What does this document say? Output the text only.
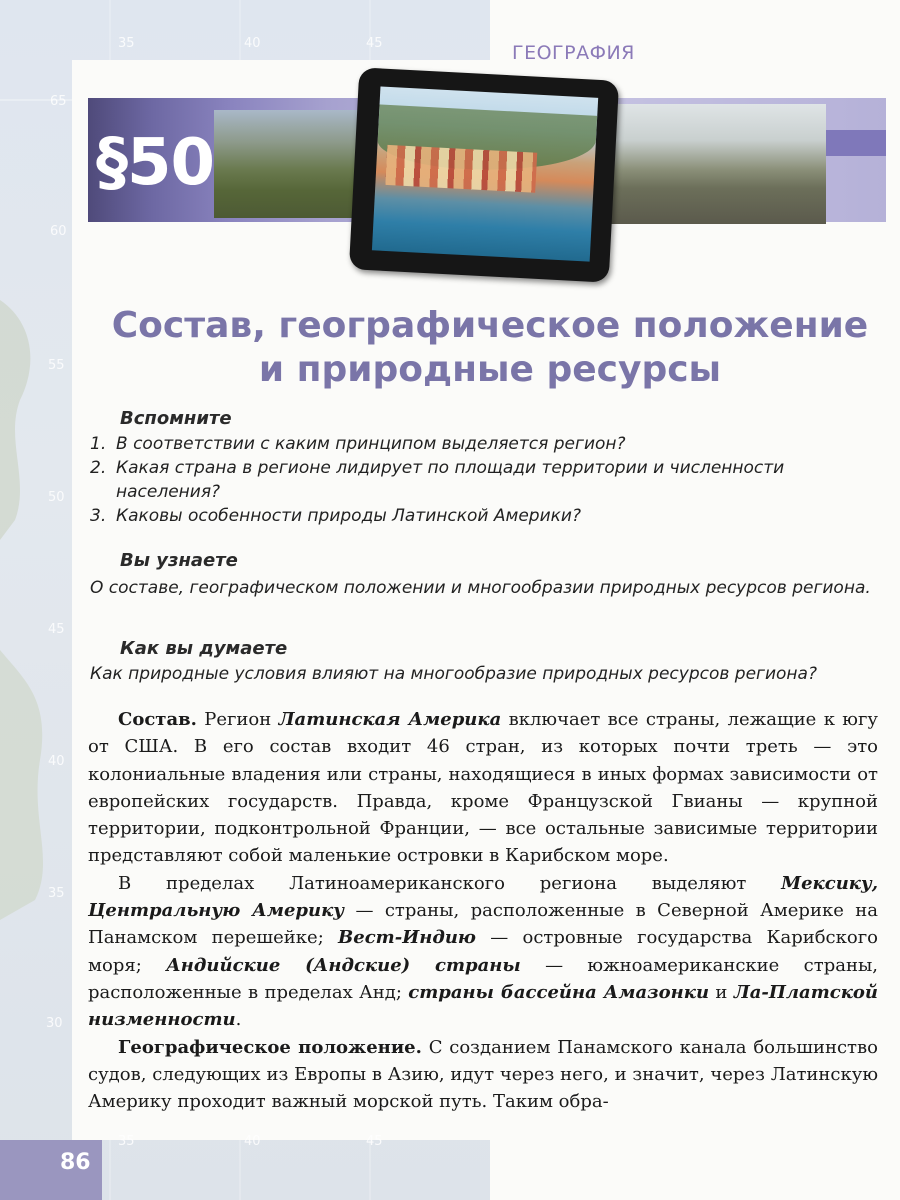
35	40	45
65
60
55
50
45
40
35
30
35	40	45
ГЕОГРАФИЯ
§50
Состав, географическое положение
и природные ресурсы
Вспомните
1. В соответствии с каким принципом выделяется регион?
2. Какая страна в регионе лидирует по площади территории и численности населения?
3. Каковы особенности природы Латинской Америки?
Вы узнаете
О составе, географическом положении и многообразии природных ресурсов региона.
Как вы думаете
Как природные условия влияют на многообразие природных ресурсов региона?

Состав. Регион Латинская Америка включает все страны, лежащие к югу от США. В его состав входит 46 стран, из которых почти треть — это колониальные владения или страны, находящиеся в иных формах зависимости от европейских государств. Правда, кроме Французской Гвианы — крупной территории, подконтрольной Франции, — все остальные зависимые территории представляют собой маленькие островки в Карибском море.

В пределах Латиноамериканского региона выделяют Мексику, Центральную Америку — страны, расположенные в Северной Америке на Панамском перешейке; Вест-Индию — островные государства Карибского моря; Андийские (Андские) страны — южноамериканские страны, расположенные в пределах Анд; страны бассейна Амазонки и Ла-Платской низменности.

Географическое положение. С созданием Панамского канала большинство судов, следующих из Европы в Азию, идут через него, и значит, через Латинскую Америку проходит важный морской путь. Таким обра-

86
